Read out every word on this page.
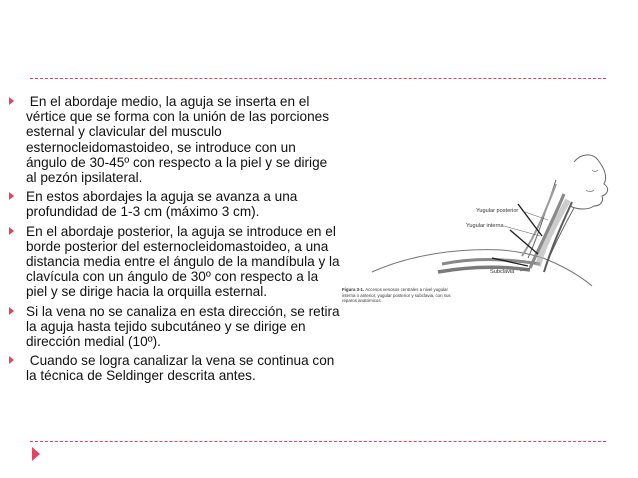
En el abordaje medio, la aguja se inserta en el vértice que se forma con la unión de las porciones esternal y clavicular del musculo esternocleidomastoideo, se introduce con un ángulo de 30-45º con respecto a la piel y se dirige al pezón ipsilateral.
En estos abordajes la aguja se avanza a una profundidad de 1-3 cm (máximo 3 cm).
En el abordaje posterior, la aguja se introduce en el borde posterior del esternocleidomastoideo, a una distancia media entre el ángulo de la mandíbula y la clavícula con un ángulo de 30º con respecto a la piel y se dirige hacia la orquilla esternal.
Si la vena no se canaliza en esta dirección, se retira la aguja hasta tejido subcutáneo y se dirige en dirección medial (10º).
Cuando se logra canalizar la vena se continua con la técnica de Seldinger descrita antes.
Yugular posterior
Yugular interna
Subclavia
Figura 3-1. Accesos venosos centrales a nivel yugular interna o anterior, yugular posterior y subclavia, con sus reparos anatómicos.
